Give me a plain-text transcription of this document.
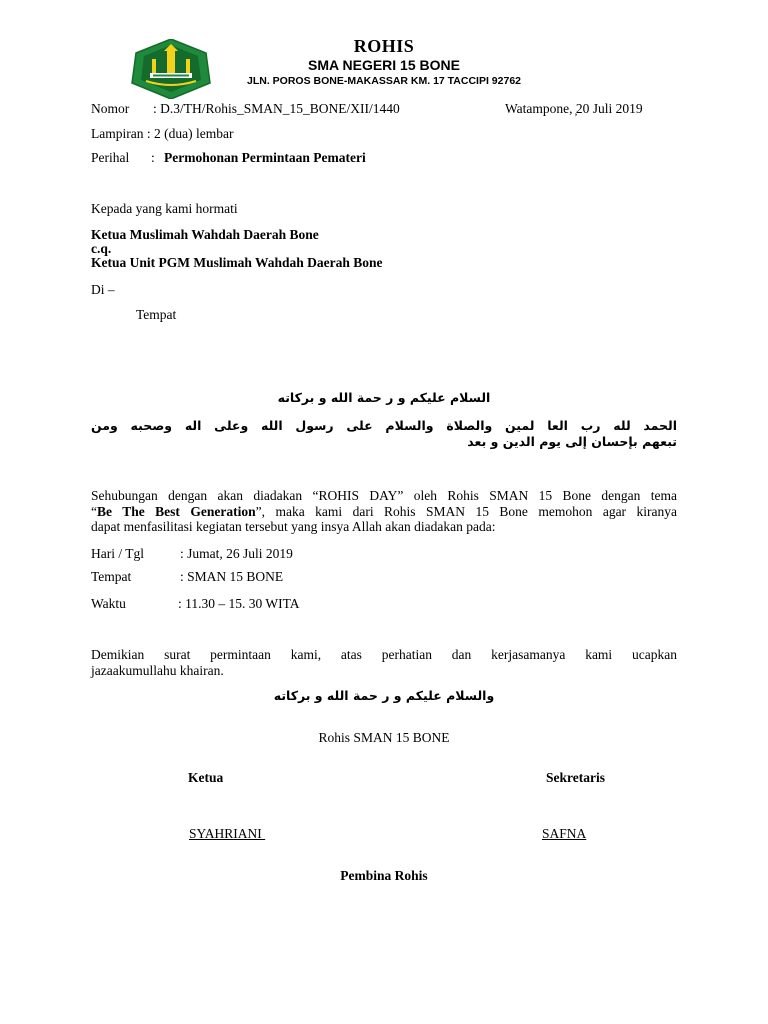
ROHIS
SMA NEGERI 15 BONE
JLN. POROS BONE-MAKASSAR KM. 17 TACCIPI 92762
Nomor : D.3/TH/Rohis_SMAN_15_BONE/XII/1440	Watampone, ̦20 Juli 2019
Lampiran : 2 (dua) lembar
Perihal : Permohonan Permintaan Pemateri
Kepada yang kami hormati
Ketua Muslimah Wahdah Daerah Bone
c.q.
Ketua Unit PGM Muslimah Wahdah Daerah Bone
Di –
Tempat
السلام عليكم و ر حمة الله و بركاته
الحمد لله رب العا لمين والصلاة والسلام على رسول الله وعلى اله وصحبه ومن
تبعهم بإحسان إلى يوم الدين و بعد
Sehubungan dengan akan diadakan “ROHIS DAY” oleh Rohis SMAN 15 Bone dengan tema
“Be The Best Generation”, maka kami dari Rohis SMAN 15 Bone memohon agar kiranya
dapat menfasilitasi kegiatan tersebut yang insya Allah akan diadakan pada:
Hari / Tgl	: Jumat, 26 Juli 2019
Tempat	: SMAN 15 BONE
Waktu	: 11.30 – 15. 30 WITA
Demikian surat permintaan kami, atas perhatian dan kerjasamanya kami ucapkan
jazaakumullahu khairan.
والسلام عليكم و ر حمة الله و بركاته
Rohis SMAN 15 BONE
Ketua	Sekretaris
SYAHRIANI	SAFNA
Pembina Rohis
